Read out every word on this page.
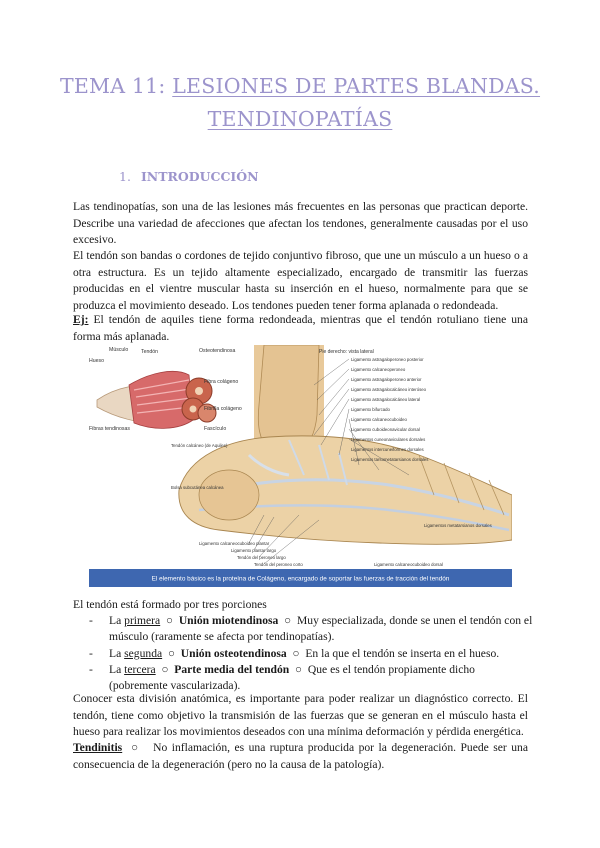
TEMA 11: LESIONES DE PARTES BLANDAS.
TENDINOPATÍAS
1. INTRODUCCIÓN
Las tendinopatías, son una de las lesiones más frecuentes en las personas que practican deporte. Describe una variedad de afecciones que afectan los tendones, generalmente causadas por el uso excesivo.
El tendón son bandas o cordones de tejido conjuntivo fibroso, que une un músculo a un hueso o a otra estructura. Es un tejido altamente especializado, encargado de transmitir las fuerzas producidas en el vientre muscular hasta su inserción en el hueso, normalmente para que se produzca el movimiento deseado. Los tendones pueden tener forma aplanada o redondeada.
Ej: El tendón de aquiles tiene forma redondeada, mientras que el tendón rotuliano tiene una forma más aplanada.
Músculo Tendón
Hueso
Fibras tendinosas
Osteotendinosa
Fibra colágeno
Fibrilla colágeno
Fascículo
Pie derecho: vista lateral
Ligamento astragaloperoneo posterior
Ligamento calcaneoperoneo
Ligamento astragaloperoneo anterior
Ligamento astragalocalcáneo interóseo
Ligamento astragalocalcáneo lateral
Ligamento bifurcado
Ligamento calcaneocuboideo
Ligamento cuboideonavicular dorsal
Ligamentos cuneonaviculares dorsales
Ligamentos intercuneiformes dorsales
Ligamentos tarsometatarsianos dorsales
Ligamentos metatarsianos dorsales
Tendón calcáneo (de Aquiles)
Bolsa subcutánea calcánea
Ligamento calcaneocuboideo plantar
Ligamento plantar largo
Tendón del peroneo largo
Tendón del peroneo corto	Ligamento calcaneocuboideo dorsal
El elemento básico es la proteína de Colágeno, encargado de soportar las fuerzas de tracción del tendón
El tendón está formado por tres porciones
- La primera  ○  Unión miotendinosa  ○  Muy especializada, donde se unen el tendón con el músculo (raramente se afecta por tendinopatías).
- La segunda  ○  Unión osteotendinosa  ○  En la que el tendón se inserta en el hueso.
- La tercera  ○  Parte media del tendón  ○  Que es el tendón propiamente dicho (pobremente vascularizada).
Conocer esta división anatómica, es importante para poder realizar un diagnóstico correcto. El tendón, tiene como objetivo la transmisión de las fuerzas que se generan en el músculo hasta el hueso para realizar los movimientos deseados con una mínima deformación y pérdida energética.
Tendinitis  ○   No inflamación, es una ruptura producida por la degeneración. Puede ser una consecuencia de la degeneración (pero no la causa de la patología).
